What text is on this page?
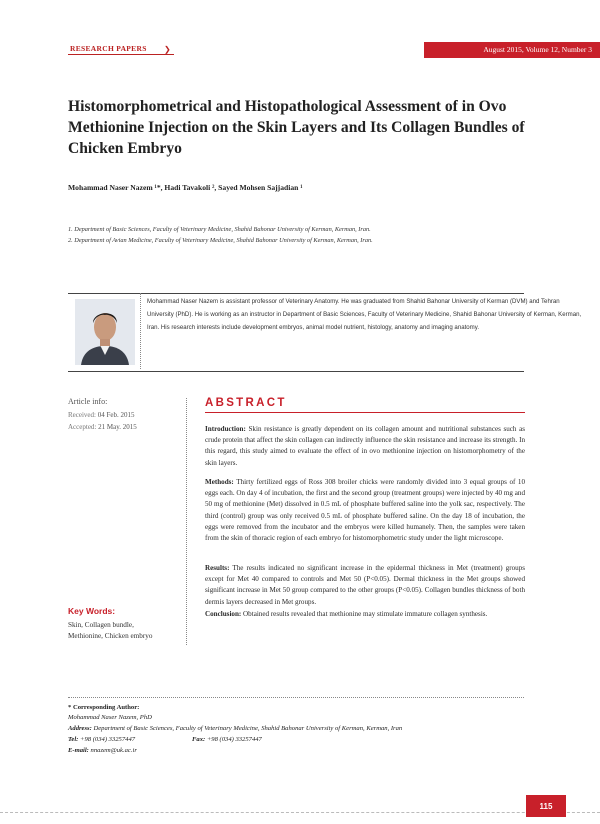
RESEARCH PAPERS ❯	August 2015, Volume 12, Number 3
Histomorphometrical and Histopathological Assessment of in Ovo Methionine Injection on the Skin Layers and Its Collagen Bundles of Chicken Embryo
Mohammad Naser Nazem ¹*, Hadi Tavakoli ², Sayed Mohsen Sajjadian ¹
1. Department of Basic Sciences, Faculty of Veterinary Medicine, Shahid Bahonar University of Kerman, Kerman, Iran.
2. Department of Avian Medicine, Faculty of Veterinary Medicine, Shahid Bahonar University of Kerman, Kerman, Iran.
Mohammad Naser Nazem is assistant professor of Veterinary Anatomy. He was graduated from Shahid Bahonar University of Kerman (DVM) and Tehran University (PhD). He is working as an instructor in Department of Basic Sciences, Faculty of Veterinary Medicine, Shahid Bahonar University of Kerman, Kerman, Iran. His research interests include development embryos, animal model nutrient, histology, anatomy and imaging anatomy.
Article info:
Received: 04 Feb. 2015
Accepted: 21 May. 2015
Key Words:
Skin, Collagen bundle,
Methionine, Chicken embryo
ABSTRACT
Introduction: Skin resistance is greatly dependent on its collagen amount and nutritional substances such as crude protein that affect the skin collagen can indirectly influence the skin resistance and increase its strength. In this regard, this study aimed to evaluate the effect of in ovo methionine injection on histomorphometry of the skin layers.
Methods: Thirty fertilized eggs of Ross 308 broiler chicks were randomly divided into 3 equal groups of 10 eggs each. On day 4 of incubation, the first and the second group (treatment groups) were injected by 40 mg and 50 mg of methionine (Met) dissolved in 0.5 mL of phosphate buffered saline into the yolk sac, respectively. The third (control) group was only received 0.5 mL of phosphate buffered saline. On the day 18 of incubation, the eggs were removed from the incubator and the embryos were killed humanely. Then, the samples were taken from the skin of thoracic region of each embryo for histomorphometric study under the light microscope.
Results: The results indicated no significant increase in the epidermal thickness in Met (treatment) groups except for Met 40 compared to controls and Met 50 (P<0.05). Dermal thickness in the Met groups showed significant increase in Met 50 group compared to the other groups (P<0.05). Collagen bundles thickness of both dermis layers decreased in Met groups.
Conclusion: Obtained results revealed that methionine may stimulate immature collagen synthesis.
* Corresponding Author:
Mohammad Naser Nazem, PhD
Address: Department of Basic Sciences, Faculty of Veterinary Medicine, Shahid Bahonar University of Kerman, Kerman, Iran
Tel: +98 (034) 33257447	Fax: +98 (034) 33257447
E-mail: nnazem@uk.ac.ir
115
